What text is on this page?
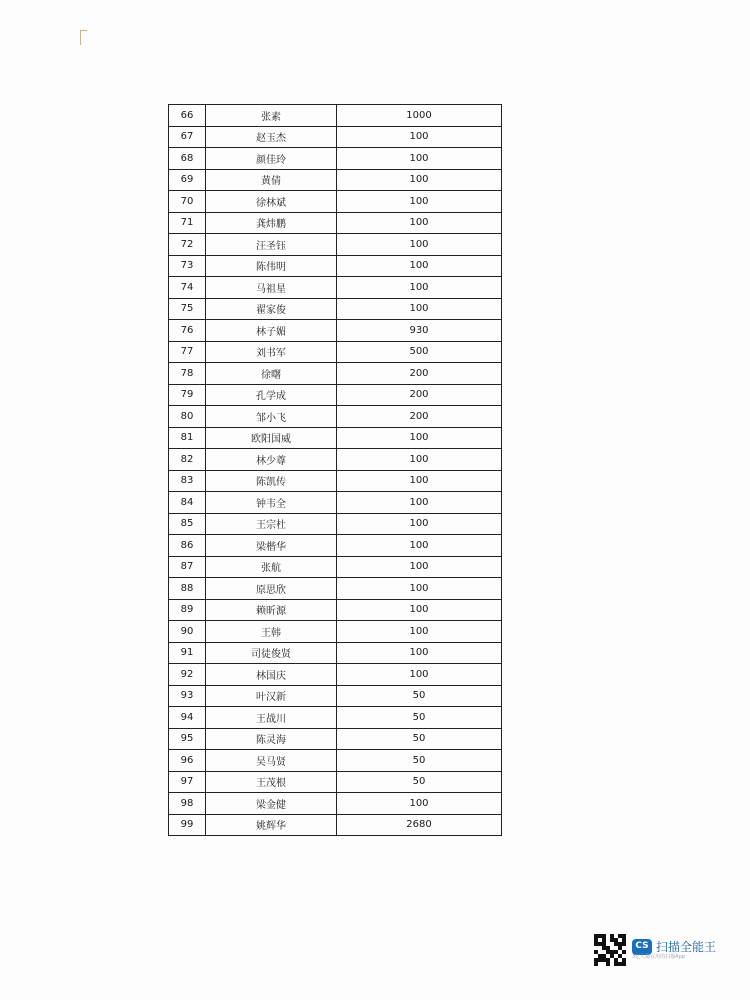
66	张素	1000
67	赵玉杰	100
68	颜佳玲	100
69	黄倩	100
70	徐林斌	100
71	龚炜鹏	100
72	汪圣钰	100
73	陈伟明	100
74	马祖星	100
75	翟家俊	100
76	林子媚	930
77	刘书军	500
78	徐曙	200
79	孔学成	200
80	邹小飞	200
81	欧阳国威	100
82	林少尊	100
83	陈凯传	100
84	钟韦全	100
85	王宗杜	100
86	梁楷华	100
87	张航	100
88	原思欣	100
89	赖昕源	100
90	王韩	100
91	司徒俊贤	100
92	林国庆	100
93	叶汉新	50
94	王战川	50
95	陈灵海	50
96	吴马贤	50
97	王茂根	50
98	梁金健	100
99	姚辉华	2680
CS 扫描全能王
3亿人都在用的扫描App
